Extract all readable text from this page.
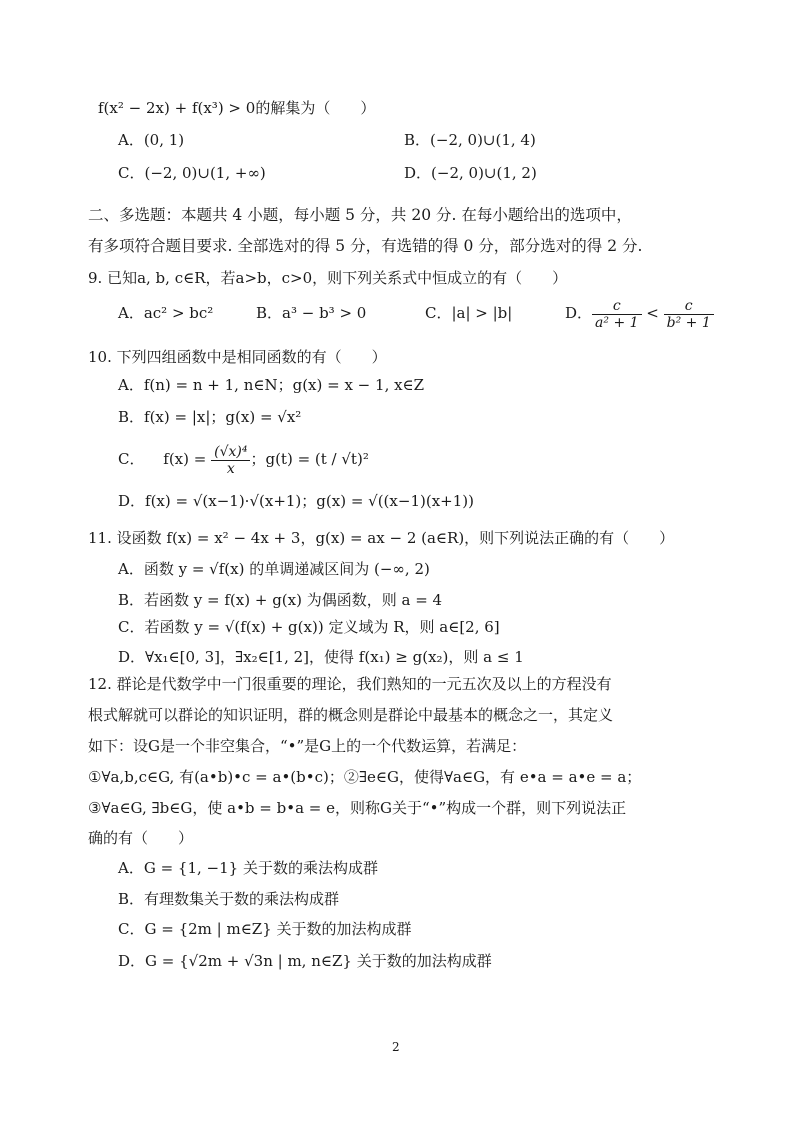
f(x² − 2x) + f(x³) > 0的解集为（　　）
A．(0, 1)	B．(−2, 0)∪(1, 4)
C．(−2, 0)∪(1, +∞)	D．(−2, 0)∪(1, 2)
二、多选题：本题共 4 小题，每小题 5 分，共 20 分. 在每小题给出的选项中，
有多项符合题目要求. 全部选对的得 5 分，有选错的得 0 分，部分选对的得 2 分.
9. 已知a, b, c∈R，若a>b，c>0，则下列关系式中恒成立的有（　　）
A．ac² > bc²	B．a³ − b³ > 0	C．|a| > |b|	D． $\frac{c}{\text{a² + 1}} < \frac{c}{\text{b² + 1}}$
10. 下列四组函数中是相同函数的有（　　）
A．f(n) = n + 1, n∈N；g(x) = x − 1, x∈Z
B．f(x) = |x|；g(x) = √x²
C． $f(x) = \frac{\text{(√x)⁴}}{x}$ ；g(t) = (t / √t)²
D．f(x) = √(x−1)·√(x+1)；g(x) = √((x−1)(x+1))
11. 设函数 f(x) = x² − 4x + 3，g(x) = ax − 2 (a∈R)，则下列说法正确的有（　　）
A．函数 y = √f(x) 的单调递减区间为 (−∞, 2)
B．若函数 y = f(x) + g(x) 为偶函数，则 a = 4
C．若函数 y = √(f(x) + g(x)) 定义域为 R，则 a∈[2, 6]
D．∀x₁∈[0, 3]，∃x₂∈[1, 2]，使得 f(x₁) ≥ g(x₂)，则 a ≤ 1
12. 群论是代数学中一门很重要的理论，我们熟知的一元五次及以上的方程没有
根式解就可以群论的知识证明，群的概念则是群论中最基本的概念之一，其定义
如下：设G是一个非空集合，“•”是G上的一个代数运算，若满足：
①∀a,b,c∈G, 有(a•b)•c = a•(b•c)；②∃e∈G，使得∀a∈G，有 e•a = a•e = a；
③∀a∈G, ∃b∈G，使 a•b = b•a = e，则称G关于“•”构成一个群，则下列说法正
确的有（　　）
A．G = {1, −1} 关于数的乘法构成群
B．有理数集关于数的乘法构成群
C．G = {2m | m∈Z} 关于数的加法构成群
D．G = {√2m + √3n | m, n∈Z} 关于数的加法构成群
2
